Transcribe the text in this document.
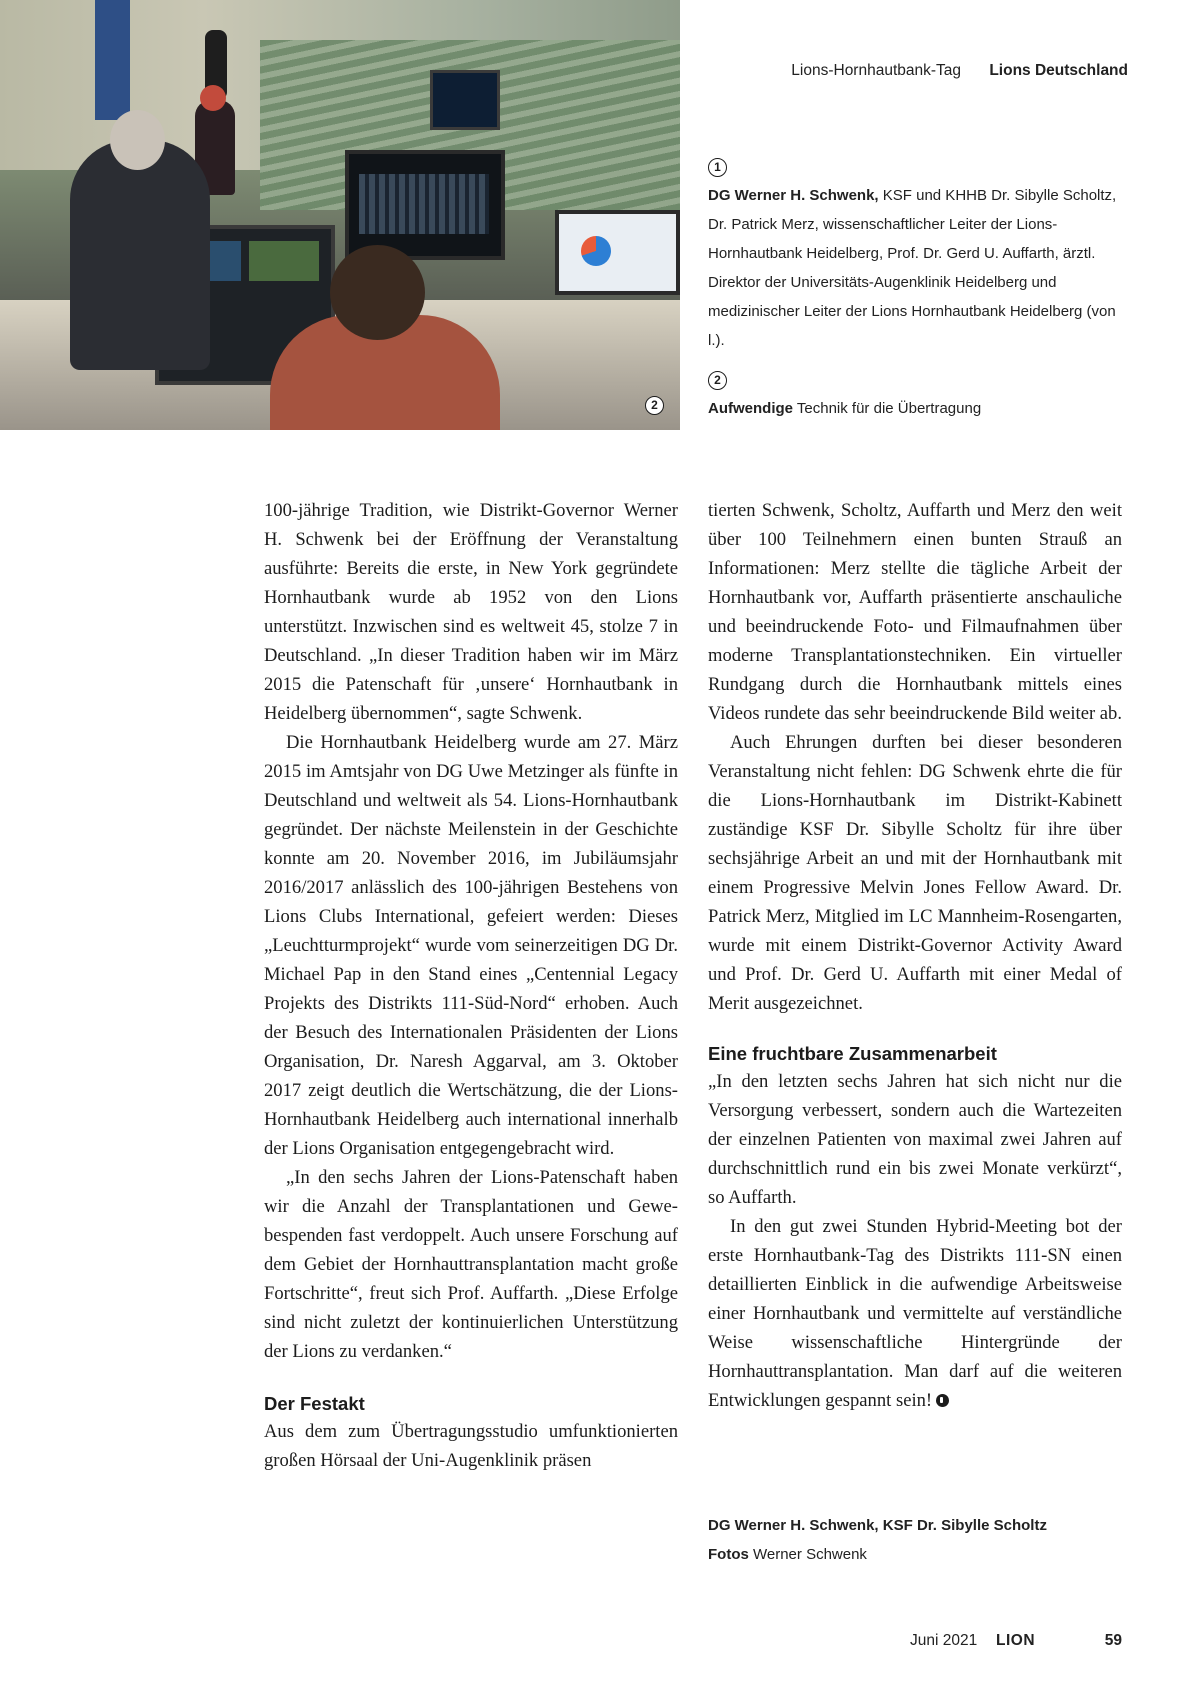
2
Lions-Hornhautbank-Tag Lions Deutschland
1
DG Werner H. Schwenk, KSF und KHHB Dr. Sibylle Scholtz, Dr. Patrick Merz, wissenschaftlicher Leiter der Lions-Hornhautbank Heidelberg, Prof. Dr. Gerd U. Auffarth, ärztl. Direktor der Universitäts-Augenklinik Heidelberg und medizinischer Leiter der Lions Hornhautbank Heidelberg (von l.).
2
Aufwendige Technik für die Übertragung

100-jährige Tradition, wie Distrikt-Governor Werner H. Schwenk bei der Eröffnung der Veranstaltung ausführte: Bereits die erste, in New York gegründete Hornhautbank wurde ab 1952 von den Lions unterstützt. Inzwischen sind es weltweit 45, stolze 7 in Deutschland. „In dieser Tradition haben wir im März 2015 die Patenschaft für ‚unsere‘ Hornhautbank in Heidelberg übernommen“, sagte Schwenk.

Die Hornhautbank Heidelberg wurde am 27. März 2015 im Amtsjahr von DG Uwe Metzinger als fünfte in Deutschland und weltweit als 54. Lions-Hornhautbank gegründet. Der nächste Meilenstein in der Geschichte konnte am 20. November 2016, im Jubiläumsjahr 2016/2017 anlässlich des 100-jährigen Bestehens von Lions Clubs International, gefeiert werden: Dieses „Leuchtturmprojekt“ wurde vom seinerzeitigen DG Dr. Michael Pap in den Stand eines „Centennial Legacy Projekts des Distrikts 111-Süd-Nord“ erhoben. Auch der Besuch des Internationalen Präsidenten der Lions Organisation, Dr. Naresh Aggarval, am 3. Oktober 2017 zeigt deutlich die Wertschätzung, die der Lions-Hornhautbank Heidelberg auch international innerhalb der Lions Organisation entgegengebracht wird.

„In den sechs Jahren der Lions-Patenschaft haben wir die Anzahl der Transplantationen und Gewebespenden fast verdoppelt. Auch unsere Forschung auf dem Gebiet der Hornhauttransplantation macht große Fortschritte“, freut sich Prof. Auffarth. „Diese Erfolge sind nicht zuletzt der kontinuierlichen Unterstützung der Lions zu verdanken.“

Der Festakt

Aus dem zum Übertragungsstudio umfunktionierten großen Hörsaal der Uni-Augenklinik präsen

tierten Schwenk, Scholtz, Auffarth und Merz den weit über 100 Teilnehmern einen bunten Strauß an Informationen: Merz stellte die tägliche Arbeit der Hornhautbank vor, Auffarth präsentierte anschauliche und beeindruckende Foto- und Filmaufnahmen über moderne Transplantationstechniken. Ein virtueller Rundgang durch die Hornhautbank mittels eines Videos rundete das sehr beeindruckende Bild weiter ab.

Auch Ehrungen durften bei dieser besonderen Veranstaltung nicht fehlen: DG Schwenk ehrte die für die Lions-Hornhautbank im Distrikt-Kabinett zuständige KSF Dr. Sibylle Scholtz für ihre über sechsjährige Arbeit an und mit der Hornhautbank mit einem Progressive Melvin Jones Fellow Award. Dr. Patrick Merz, Mitglied im LC Mannheim-Rosengarten, wurde mit einem Distrikt-Governor Activity Award und Prof. Dr. Gerd U. Auffarth mit einer Medal of Merit ausgezeichnet.

Eine fruchtbare Zusammenarbeit

„In den letzten sechs Jahren hat sich nicht nur die Versorgung verbessert, sondern auch die Wartezeiten der einzelnen Patienten von maximal zwei Jahren auf durchschnittlich rund ein bis zwei Monate verkürzt“, so Auffarth.

In den gut zwei Stunden Hybrid-Meeting bot der erste Hornhautbank-Tag des Distrikts 111-SN einen detaillierten Einblick in die aufwendige Arbeitsweise einer Hornhautbank und vermittelte auf verständliche Weise wissenschaftliche Hintergründe der Hornhauttransplantation. Man darf auf die weiteren Entwicklungen gespannt sein!

DG Werner H. Schwenk, KSF Dr. Sibylle Scholtz
Fotos Werner Schwenk
Juni 2021 LION	59
